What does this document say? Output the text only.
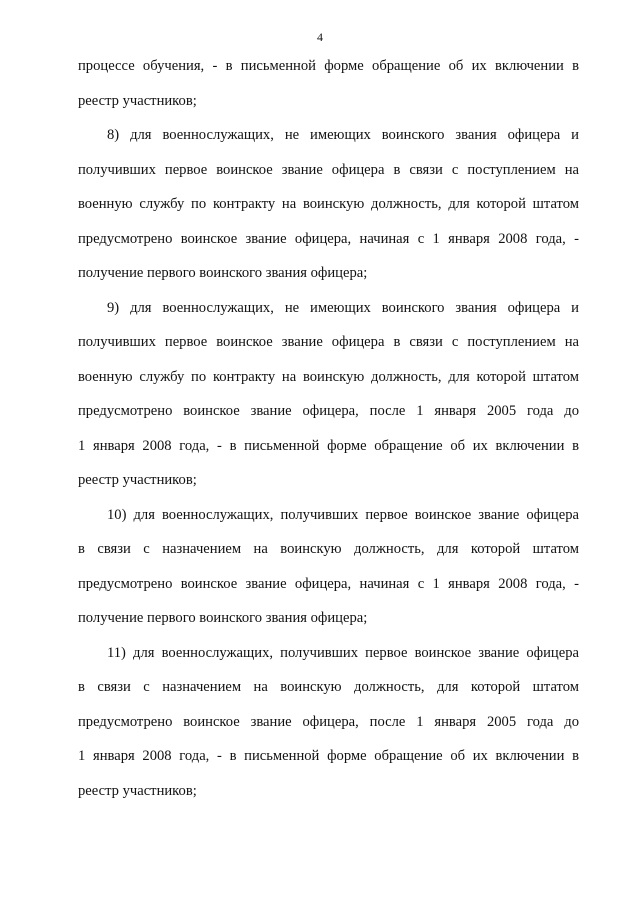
4
процессе обучения, - в письменной форме обращение об их включении в
реестр участников;
8) для военнослужащих, не имеющих воинского звания офицера и
получивших первое воинское звание офицера в связи с поступлением на
военную службу по контракту на воинскую должность, для которой штатом
предусмотрено воинское звание офицера, начиная с 1 января 2008 года, -
получение первого воинского звания офицера;
9) для военнослужащих, не имеющих воинского звания офицера и
получивших первое воинское звание офицера в связи с поступлением на
военную службу по контракту на воинскую должность, для которой штатом
предусмотрено воинское звание офицера, после 1 января 2005 года до
1 января 2008 года, - в письменной форме обращение об их включении в
реестр участников;
10) для военнослужащих, получивших первое воинское звание офицера
в связи с назначением на воинскую должность, для которой штатом
предусмотрено воинское звание офицера, начиная с 1 января 2008 года, -
получение первого воинского звания офицера;
11) для военнослужащих, получивших первое воинское звание офицера
в связи с назначением на воинскую должность, для которой штатом
предусмотрено воинское звание офицера, после 1 января 2005 года до
1 января 2008 года, - в письменной форме обращение об их включении в
реестр участников;
